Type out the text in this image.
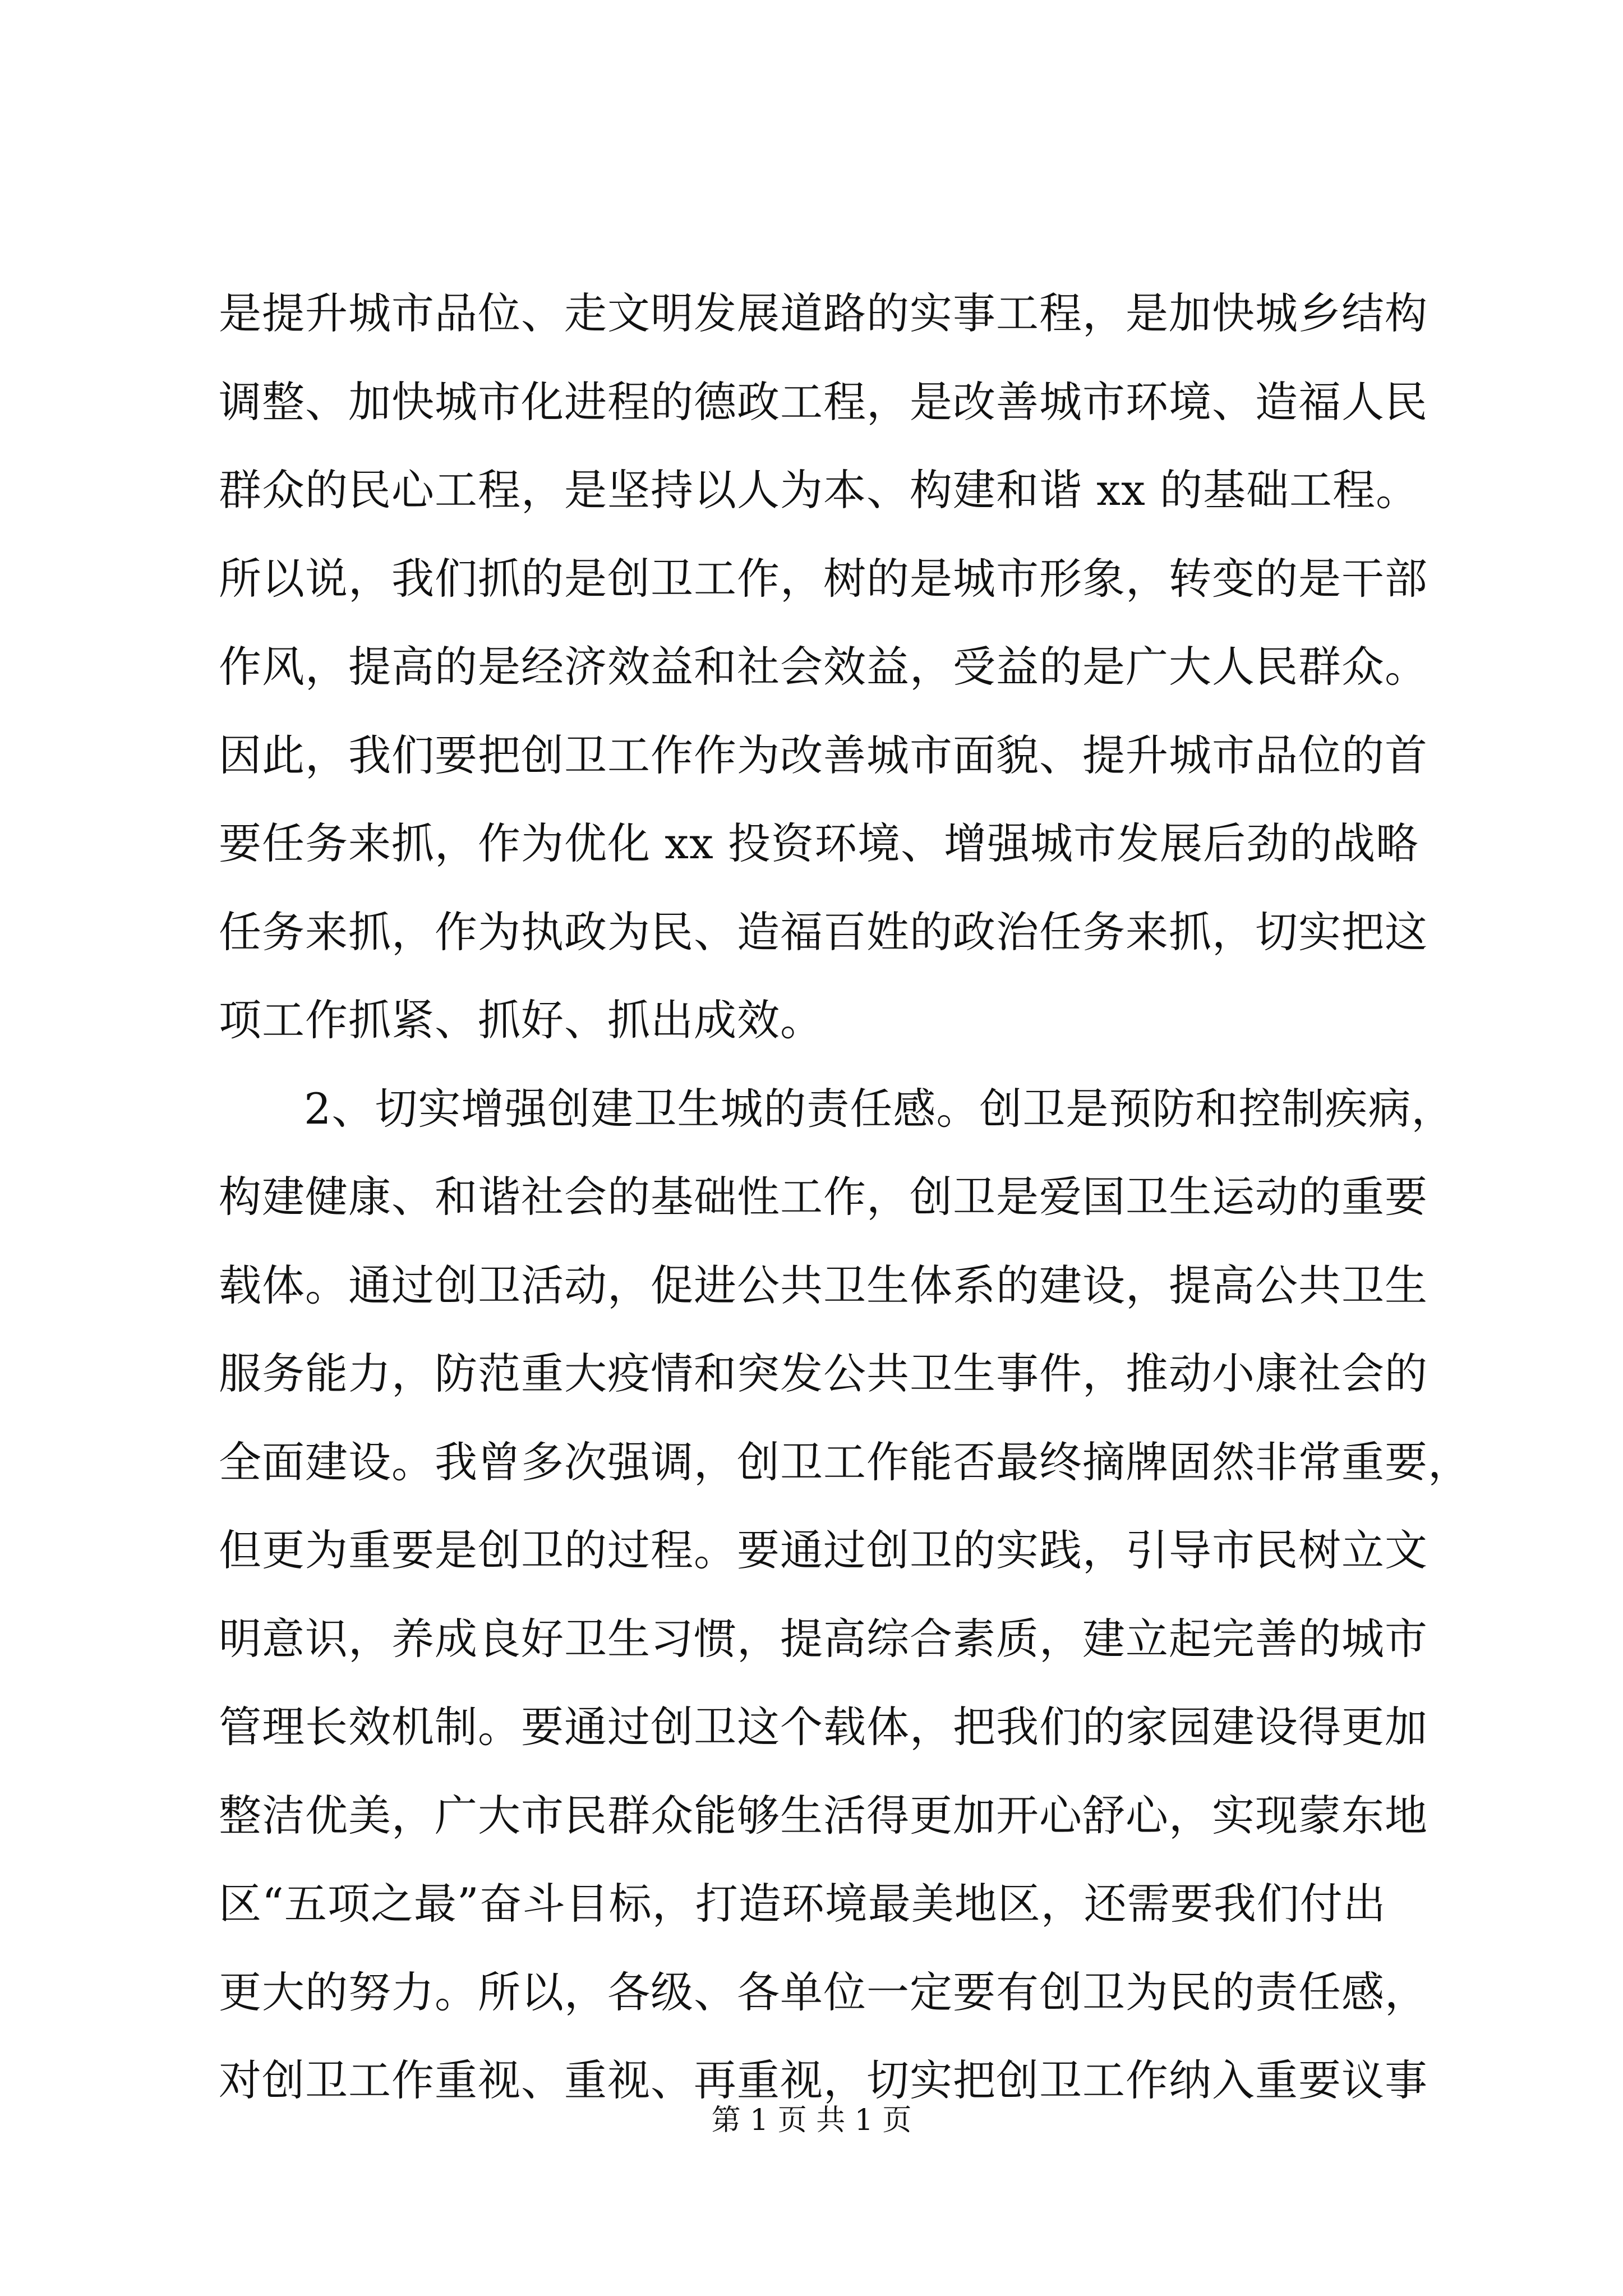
是提升城市品位、走文明发展道路的实事工程，是加快城乡结构
调整、加快城市化进程的德政工程，是改善城市环境、造福人民
群众的民心工程，是坚持以人为本、构建和谐 xx 的基础工程。
所以说，我们抓的是创卫工作，树的是城市形象，转变的是干部
作风，提高的是经济效益和社会效益，受益的是广大人民群众。
因此，我们要把创卫工作作为改善城市面貌、提升城市品位的首
要任务来抓，作为优化 xx 投资环境、增强城市发展后劲的战略
任务来抓，作为执政为民、造福百姓的政治任务来抓，切实把这
项工作抓紧、抓好、抓出成效。
2、切实增强创建卫生城的责任感。创卫是预防和控制疾病，
构建健康、和谐社会的基础性工作，创卫是爱国卫生运动的重要
载体。通过创卫活动，促进公共卫生体系的建设，提高公共卫生
服务能力，防范重大疫情和突发公共卫生事件，推动小康社会的
全面建设。我曾多次强调，创卫工作能否最终摘牌固然非常重要，
但更为重要是创卫的过程。要通过创卫的实践，引导市民树立文
明意识，养成良好卫生习惯，提高综合素质，建立起完善的城市
管理长效机制。要通过创卫这个载体，把我们的家园建设得更加
整洁优美，广大市民群众能够生活得更加开心舒心，实现蒙东地
区“五项之最”奋斗目标，打造环境最美地区，还需要我们付出
更大的努力。所以，各级、各单位一定要有创卫为民的责任感，
对创卫工作重视、重视、再重视，切实把创卫工作纳入重要议事
第 1 页 共 1 页
